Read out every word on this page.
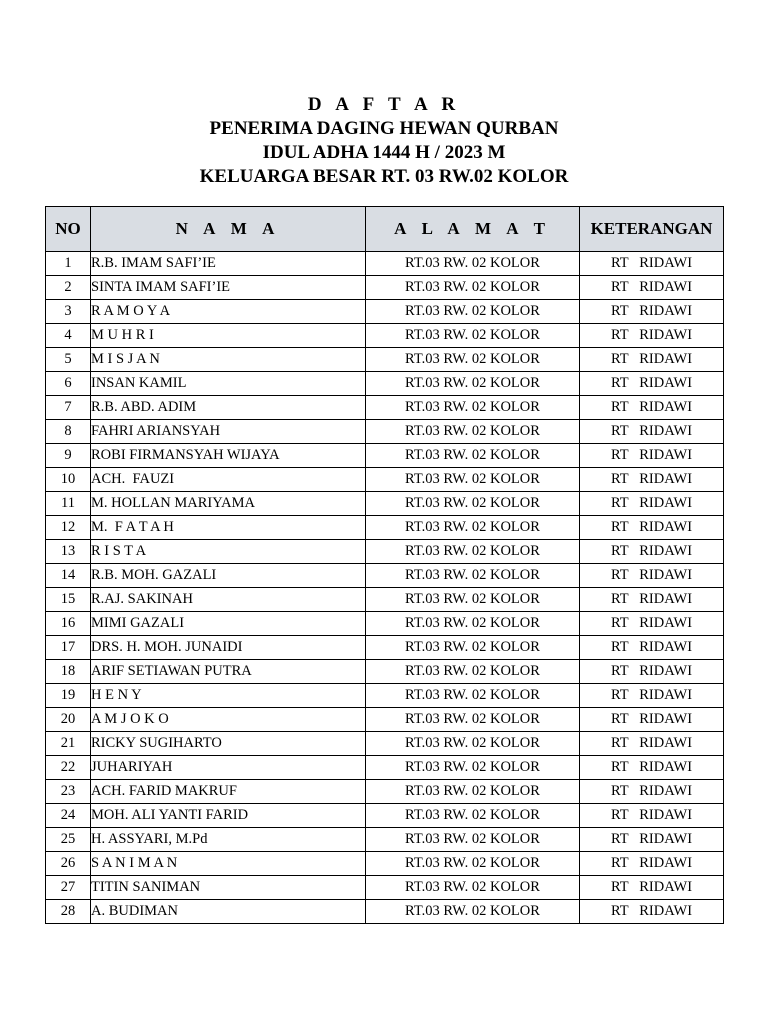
D A F T A R
PENERIMA DAGING HEWAN QURBAN
IDUL ADHA 1444 H / 2023 M
KELUARGA BESAR RT. 03 RW.02 KOLOR
NO	N A M A	A L A M A T	KETERANGAN
1	R.B. IMAM SAFI’IE	RT.03 RW. 02 KOLOR	RT   RIDAWI
2	SINTA IMAM SAFI’IE	RT.03 RW. 02 KOLOR	RT   RIDAWI
3	R A M O Y A	RT.03 RW. 02 KOLOR	RT   RIDAWI
4	M U H R I	RT.03 RW. 02 KOLOR	RT   RIDAWI
5	M I S J A N	RT.03 RW. 02 KOLOR	RT   RIDAWI
6	INSAN KAMIL	RT.03 RW. 02 KOLOR	RT   RIDAWI
7	R.B. ABD. ADIM	RT.03 RW. 02 KOLOR	RT   RIDAWI
8	FAHRI ARIANSYAH	RT.03 RW. 02 KOLOR	RT   RIDAWI
9	ROBI FIRMANSYAH WIJAYA	RT.03 RW. 02 KOLOR	RT   RIDAWI
10	ACH.  FAUZI	RT.03 RW. 02 KOLOR	RT   RIDAWI
11	M. HOLLAN MARIYAMA	RT.03 RW. 02 KOLOR	RT   RIDAWI
12	M.  F A T A H	RT.03 RW. 02 KOLOR	RT   RIDAWI
13	R I S T A	RT.03 RW. 02 KOLOR	RT   RIDAWI
14	R.B. MOH. GAZALI	RT.03 RW. 02 KOLOR	RT   RIDAWI
15	R.AJ. SAKINAH	RT.03 RW. 02 KOLOR	RT   RIDAWI
16	MIMI GAZALI	RT.03 RW. 02 KOLOR	RT   RIDAWI
17	DRS. H. MOH. JUNAIDI	RT.03 RW. 02 KOLOR	RT   RIDAWI
18	ARIF SETIAWAN PUTRA	RT.03 RW. 02 KOLOR	RT   RIDAWI
19	H E N Y	RT.03 RW. 02 KOLOR	RT   RIDAWI
20	A M J O K O	RT.03 RW. 02 KOLOR	RT   RIDAWI
21	RICKY SUGIHARTO	RT.03 RW. 02 KOLOR	RT   RIDAWI
22	JUHARIYAH	RT.03 RW. 02 KOLOR	RT   RIDAWI
23	ACH. FARID MAKRUF	RT.03 RW. 02 KOLOR	RT   RIDAWI
24	MOH. ALI YANTI FARID	RT.03 RW. 02 KOLOR	RT   RIDAWI
25	H. ASSYARI, M.Pd	RT.03 RW. 02 KOLOR	RT   RIDAWI
26	S A N I M A N	RT.03 RW. 02 KOLOR	RT   RIDAWI
27	TITIN SANIMAN	RT.03 RW. 02 KOLOR	RT   RIDAWI
28	A. BUDIMAN	RT.03 RW. 02 KOLOR	RT   RIDAWI
